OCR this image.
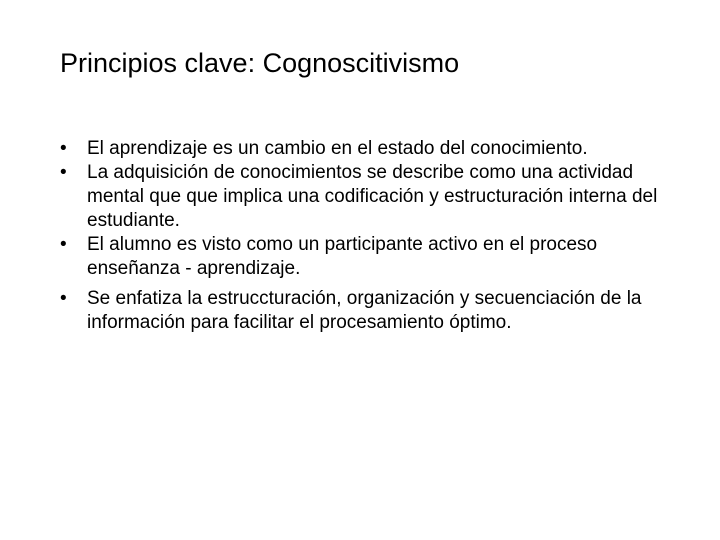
Principios clave: Cognoscitivismo
•	El aprendizaje es un cambio en el estado del conocimiento.
•	La adquisición de conocimientos se describe como una actividad mental que que implica una codificación y estructuración interna del estudiante.
•	El alumno es visto como un participante activo en el proceso enseñanza - aprendizaje.
•	Se enfatiza la estruccturación, organización y secuenciación de la información para facilitar el procesamiento óptimo.
